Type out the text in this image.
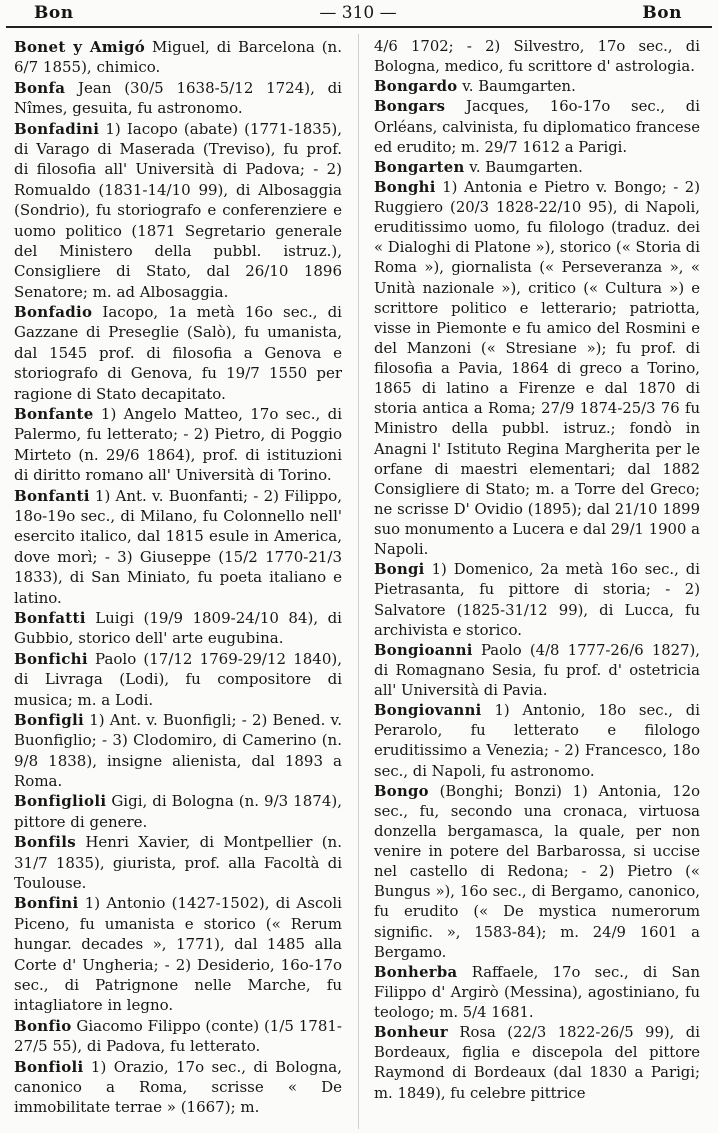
Bon	— 310 —	Bon

Bonet y Amigó Miguel, di Barcelona (n. 6/7 1855), chimico.

Bonfa Jean (30/5 1638-5/12 1724), di Nîmes, gesuita, fu astronomo.

Bonfadini 1) Iacopo (abate) (1771-1835), di Varago di Maserada (Treviso), fu prof. di filosofia all' Università di Padova; - 2) Romualdo (1831-14/10 99), di Albosaggia (Sondrio), fu storiografo e conferenziere e uomo politico (1871 Segretario generale del Ministero della pubbl. istruz.), Consigliere di Stato, dal 26/10 1896 Senatore; m. ad Albosaggia.

Bonfadio Iacopo, 1a metà 16o sec., di Gazzane di Preseglie (Salò), fu umanista, dal 1545 prof. di filosofia a Genova e storiografo di Genova, fu 19/7 1550 per ragione di Stato decapitato.

Bonfante 1) Angelo Matteo, 17o sec., di Palermo, fu letterato; - 2) Pietro, di Poggio Mirteto (n. 29/6 1864), prof. di istituzioni di diritto romano all' Università di Torino.

Bonfanti 1) Ant. v. Buonfanti; - 2) Filippo, 18o-19o sec., di Milano, fu Colonnello nell' esercito italico, dal 1815 esule in America, dove morì; - 3) Giuseppe (15/2 1770-21/3 1833), di San Miniato, fu poeta italiano e latino.

Bonfatti Luigi (19/9 1809-24/10 84), di Gubbio, storico dell' arte eugubina.

Bonfichi Paolo (17/12 1769-29/12 1840), di Livraga (Lodi), fu compositore di musica; m. a Lodi.

Bonfigli 1) Ant. v. Buonfigli; - 2) Bened. v. Buonfiglio; - 3) Clodomiro, di Camerino (n. 9/8 1838), insigne alienista, dal 1893 a Roma.

Bonfiglioli Gigi, di Bologna (n. 9/3 1874), pittore di genere.

Bonfils Henri Xavier, di Montpellier (n. 31/7 1835), giurista, prof. alla Facoltà di Toulouse.

Bonfini 1) Antonio (1427-1502), di Ascoli Piceno, fu umanista e storico (« Rerum hungar. decades », 1771), dal 1485 alla Corte d' Ungheria; - 2) Desiderio, 16o-17o sec., di Patrignone nelle Marche, fu intagliatore in legno.

Bonfio Giacomo Filippo (conte) (1/5 1781-27/5 55), di Padova, fu letterato.

Bonfioli 1) Orazio, 17o sec., di Bologna, canonico a Roma, scrisse « De immobilitate terrae » (1667); m.

4/6 1702; - 2) Silvestro, 17o sec., di Bologna, medico, fu scrittore d' astrologia.

Bongardo v. Baumgarten.

Bongars Jacques, 16o-17o sec., di Orléans, calvinista, fu diplomatico francese ed erudito; m. 29/7 1612 a Parigi.

Bongarten v. Baumgarten.

Bonghi 1) Antonia e Pietro v. Bongo; - 2) Ruggiero (20/3 1828-22/10 95), di Napoli, eruditissimo uomo, fu filologo (traduz. dei « Dialoghi di Platone »), storico (« Storia di Roma »), giornalista (« Perseveranza », « Unità nazionale »), critico (« Cultura ») e scrittore politico e letterario; patriotta, visse in Piemonte e fu amico del Rosmini e del Manzoni (« Stresiane »); fu prof. di filosofia a Pavia, 1864 di greco a Torino, 1865 di latino a Firenze e dal 1870 di storia antica a Roma; 27/9 1874-25/3 76 fu Ministro della pubbl. istruz.; fondò in Anagni l' Istituto Regina Margherita per le orfane di maestri elementari; dal 1882 Consigliere di Stato; m. a Torre del Greco; ne scrisse D' Ovidio (1895); dal 21/10 1899 suo monumento a Lucera e dal 29/1 1900 a Napoli.

Bongi 1) Domenico, 2a metà 16o sec., di Pietrasanta, fu pittore di storia; - 2) Salvatore (1825-31/12 99), di Lucca, fu archivista e storico.

Bongioanni Paolo (4/8 1777-26/6 1827), di Romagnano Sesia, fu prof. d' ostetricia all' Università di Pavia.

Bongiovanni 1) Antonio, 18o sec., di Perarolo, fu letterato e filologo eruditissimo a Venezia; - 2) Francesco, 18o sec., di Napoli, fu astronomo.

Bongo (Bonghi; Bonzi) 1) Antonia, 12o sec., fu, secondo una cronaca, virtuosa donzella bergamasca, la quale, per non venire in potere del Barbarossa, si uccise nel castello di Redona; - 2) Pietro (« Bungus »), 16o sec., di Bergamo, canonico, fu erudito (« De mystica numerorum signific. », 1583-84); m. 24/9 1601 a Bergamo.

Bonherba Raffaele, 17o sec., di San Filippo d' Argirò (Messina), agostiniano, fu teologo; m. 5/4 1681.

Bonheur Rosa (22/3 1822-26/5 99), di Bordeaux, figlia e discepola del pittore Raymond di Bordeaux (dal 1830 a Parigi; m. 1849), fu celebre pittrice
